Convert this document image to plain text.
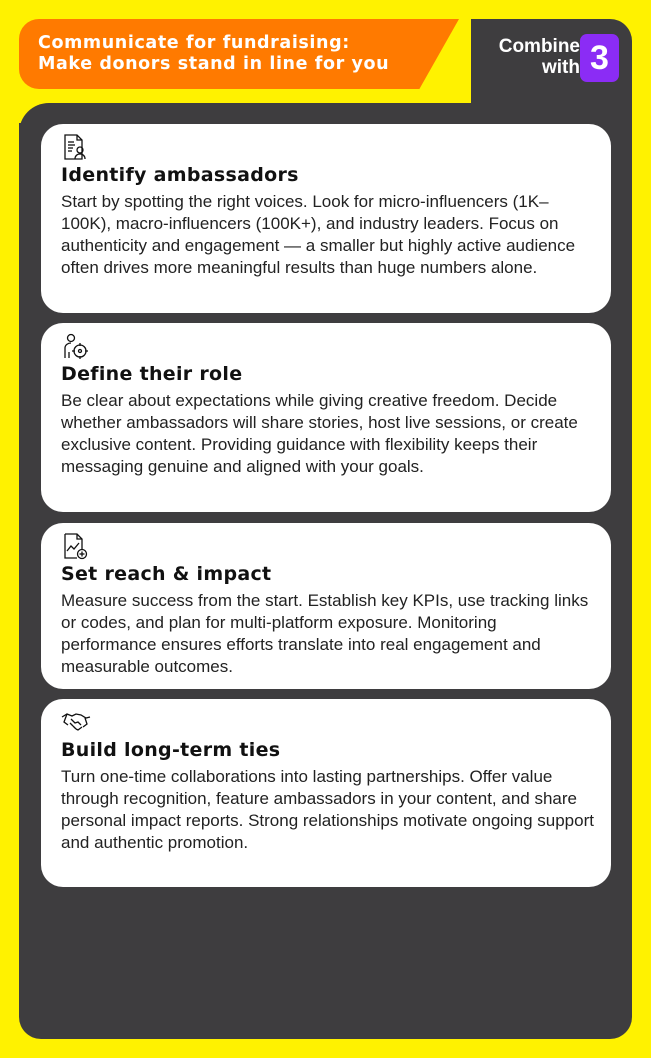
Communicate for fundraising:
Make donors stand in line for you
Combine
with 3
Identify ambassadors
Start by spotting the right voices. Look for micro-influencers (1K–100K), macro-influencers (100K+), and industry leaders. Focus on authenticity and engagement — a smaller but highly active audience often drives more meaningful results than huge numbers alone.
Define their role
Be clear about expectations while giving creative freedom. Decide whether ambassadors will share stories, host live sessions, or create exclusive content. Providing guidance with flexibility keeps their messaging genuine and aligned with your goals.
Set reach & impact
Measure success from the start. Establish key KPIs, use tracking links or codes, and plan for multi-platform exposure. Monitoring performance ensures efforts translate into real engagement and measurable outcomes.
Build long-term ties
Turn one-time collaborations into lasting partnerships. Offer value through recognition, feature ambassadors in your content, and share personal impact reports. Strong relationships motivate ongoing support and authentic promotion.
